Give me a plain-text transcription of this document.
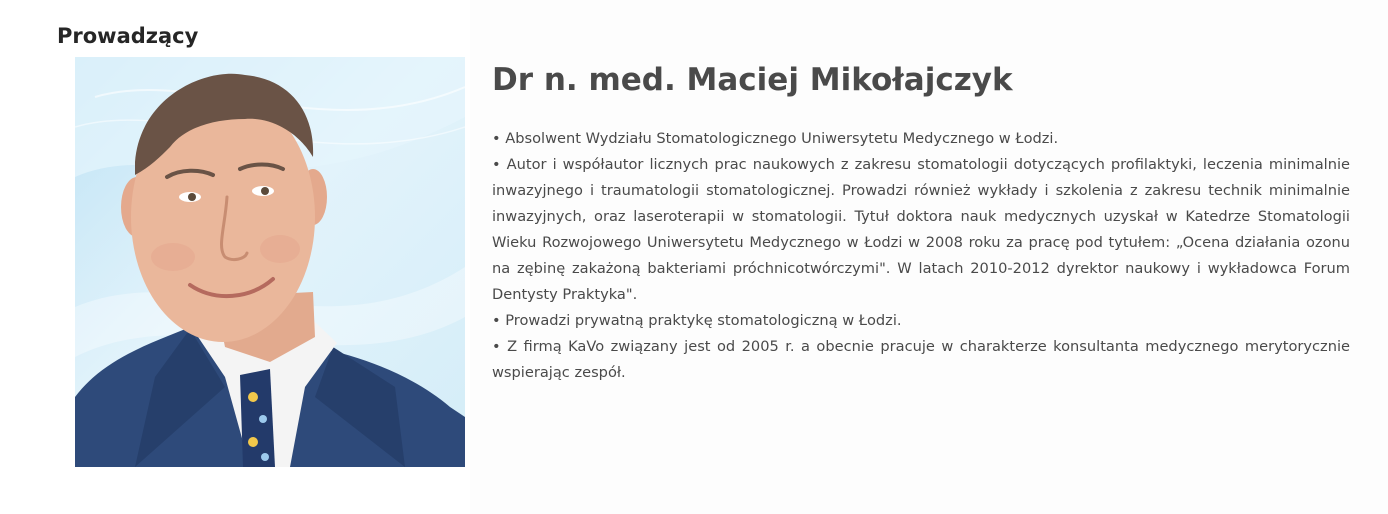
Prowadzący
Dr n. med. Maciej Mikołajczyk
• Absolwent Wydziału Stomatologicznego Uniwersytetu Medycznego w Łodzi.
• Autor i współautor licznych prac naukowych z zakresu stomatologii dotyczących profilaktyki, leczenia minimalnie inwazyjnego i traumatologii stomatologicznej. Prowadzi również wykłady i szkolenia z zakresu technik minimalnie inwazyjnych, oraz laseroterapii w stomatologii. Tytuł doktora nauk medycznych uzyskał w Katedrze Stomatologii Wieku Rozwojowego Uniwersytetu Medycznego w Łodzi w 2008 roku za pracę pod tytułem: „Ocena działania ozonu na zębinę zakażoną bakteriami próchnicotwórczymi". W latach 2010-2012 dyrektor naukowy i wykładowca Forum Dentysty Praktyka".
• Prowadzi prywatną praktykę stomatologiczną w Łodzi.
• Z firmą KaVo związany jest od 2005 r. a obecnie pracuje w charakterze konsultanta medycznego merytorycznie wspierając zespół.
